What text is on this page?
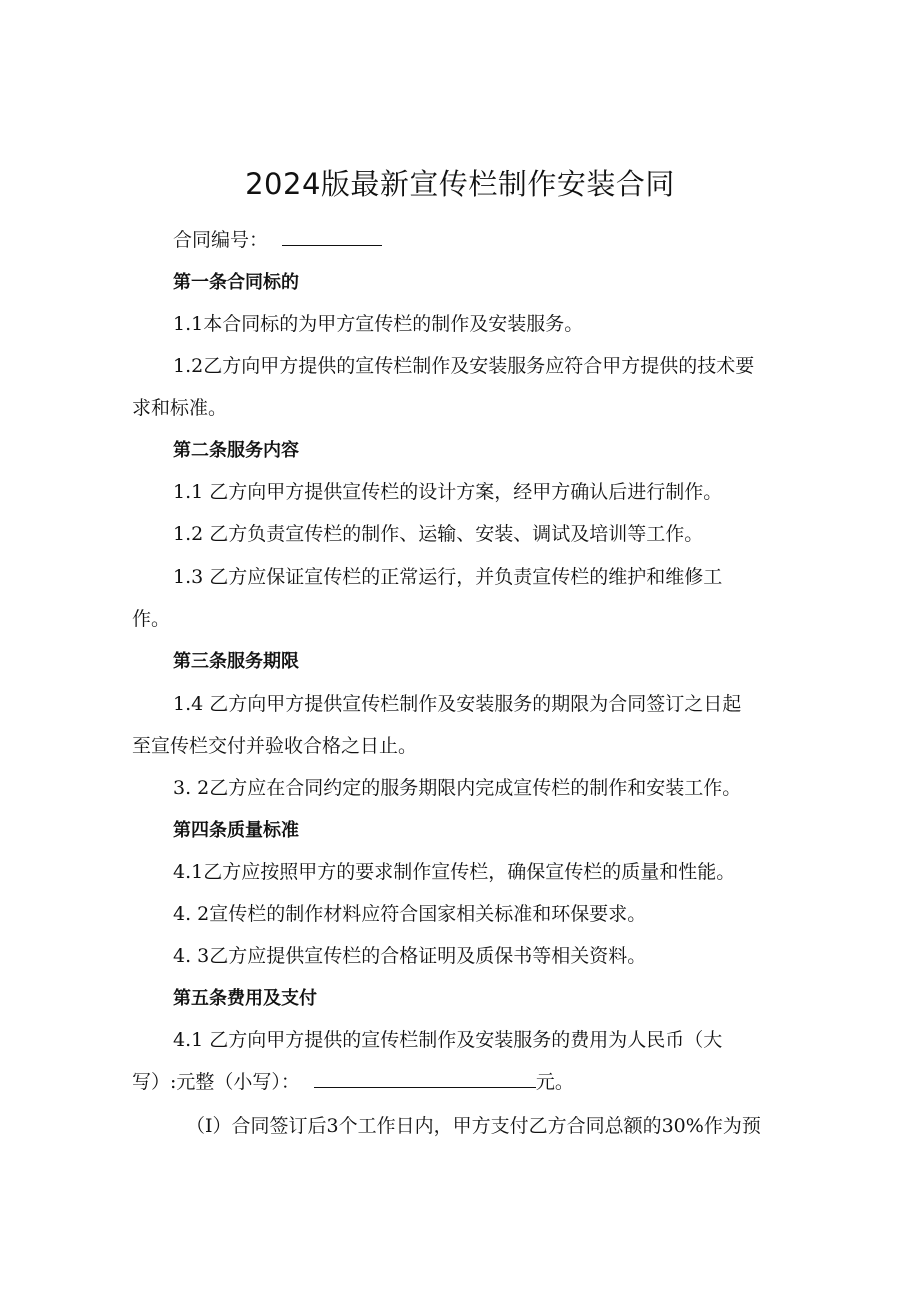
2024版最新宣传栏制作安装合同

合同编号：

第一条合同标的

1.1本合同标的为甲方宣传栏的制作及安装服务。

1.2乙方向甲方提供的宣传栏制作及安装服务应符合甲方提供的技术要

求和标准。

第二条服务内容

1.1 乙方向甲方提供宣传栏的设计方案，经甲方确认后进行制作。

1.2 乙方负责宣传栏的制作、运输、安装、调试及培训等工作。

1.3 乙方应保证宣传栏的正常运行，并负责宣传栏的维护和维修工

作。

第三条服务期限

1.4 乙方向甲方提供宣传栏制作及安装服务的期限为合同签订之日起

至宣传栏交付并验收合格之日止。

3. 2乙方应在合同约定的服务期限内完成宣传栏的制作和安装工作。

第四条质量标准

4.1乙方应按照甲方的要求制作宣传栏，确保宣传栏的质量和性能。

4. 2宣传栏的制作材料应符合国家相关标准和环保要求。

4. 3乙方应提供宣传栏的合格证明及质保书等相关资料。

第五条费用及支付

4.1 乙方向甲方提供的宣传栏制作及安装服务的费用为人民币（大

写）:元整（小写）：	元。

（I）合同签订后3个工作日内，甲方支付乙方合同总额的30%作为预
